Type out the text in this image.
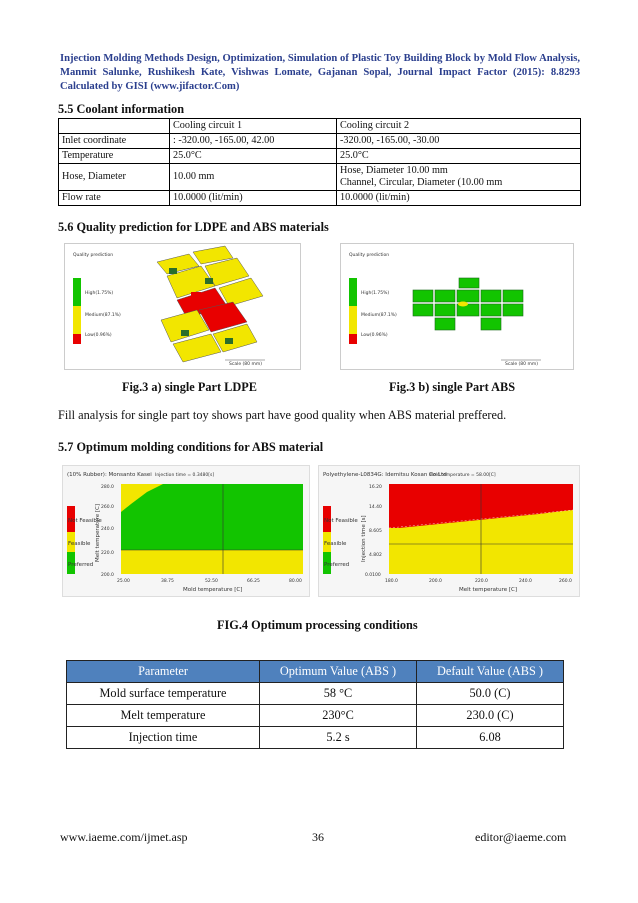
Injection Molding Methods Design, Optimization, Simulation of Plastic Toy Building Block by Mold Flow Analysis, Manmit Salunke, Rushikesh Kate, Vishwas Lomate, Gajanan Sopal, Journal Impact Factor (2015): 8.8293 Calculated by GISI (www.jifactor.Com)
5.5 Coolant information
	Cooling circuit 1	Cooling circuit 2
Inlet coordinate	: -320.00, -165.00, 42.00	-320.00, -165.00, -30.00
Temperature	25.0°C	25.0°C
Hose, Diameter	10.00 mm	Hose, Diameter 10.00 mm
Channel, Circular, Diameter (10.00 mm

Flow rate	10.0000 (lit/min)	10.0000 (lit/min)
5.6 Quality prediction for LDPE and ABS materials
Quality prediction
High(1.75%)
Medium(87.1%)
Low(0.96%)
Scale (80 mm)
Quality prediction
High(1.75%)
Medium(87.1%)
Low(0.96%)
Scale (80 mm)
Fig.3 a) single Part LDPE	Fig.3 b) single Part ABS
Fill analysis for single part toy shows part have good quality when ABS material preffered.
5.7 Optimum molding conditions for ABS material
(10% Rubber): Monsanto Kasei Injection time = 0.3480[s]
Not Feasible
Feasible
Preferred
Melt temperature [C]
280.0
260.0
240.0
220.0
200.0
25.00	38.75	52.50	66.25	80.00
Mold temperature [C]
Polyethylene-L0834G: Idemitsu Kosan Co Ltd
Mold temperature = 58.00[C]
Not Feasible
Feasible
Preferred
Injection time [s]
16.20
14.40
8.605
4.802
0.0100
180.0	200.0	220.0	240.0	260.0
Melt temperature [C]
FIG.4 Optimum processing conditions
Parameter	Optimum Value (ABS )	Default Value (ABS )
Mold surface temperature	58 °C	50.0 (C)
Melt temperature	230°C	230.0 (C)
Injection time	5.2 s	6.08
www.iaeme.com/ijmet.asp	36	editor@iaeme.com
